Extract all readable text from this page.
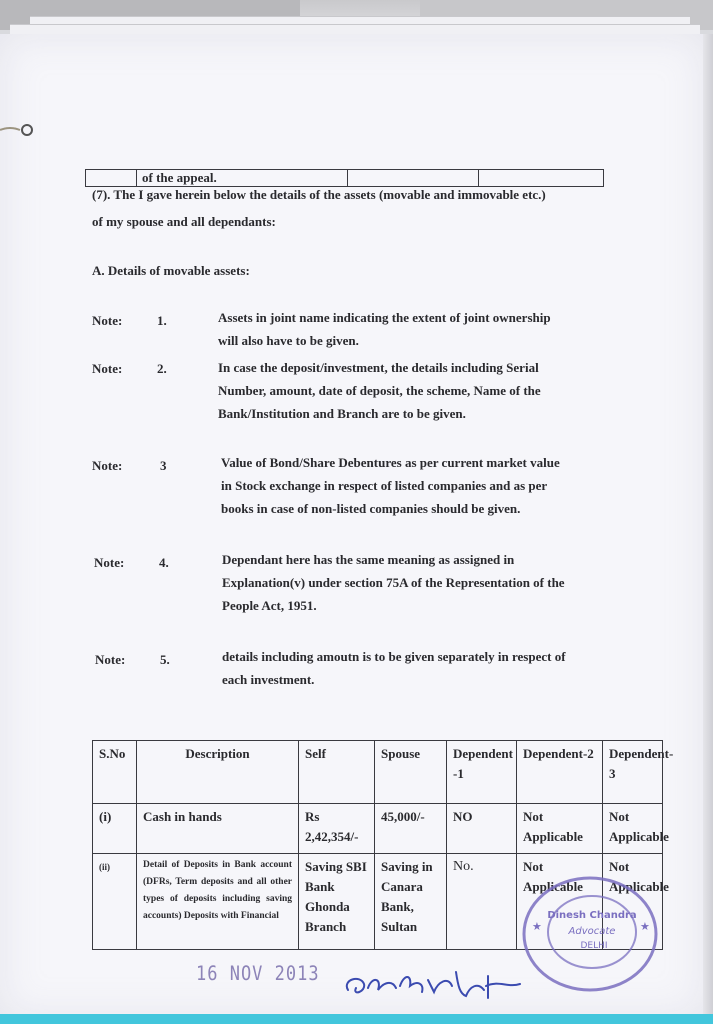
	of the appeal.		
(7). The I gave herein below the details of the assets (movable and immovable etc.)
of my spouse and all dependants:
A. Details of movable assets:
Note:	1.	Assets in joint name indicating the extent of joint ownership
will also have to be given.
Note:	2.	In case the deposit/investment, the details including Serial
Number, amount, date of deposit, the scheme, Name of the
Bank/Institution and Branch are to be given.
Note:	3	Value of Bond/Share Debentures as per current market value
in Stock exchange in respect of listed companies and as per
books in case of non-listed companies should be given.
Note:	4.	Dependant here has the same meaning as assigned in
Explanation(v) under section 75A of the Representation of the
People Act, 1951.
Note:	5.	details including amoutn is to be given separately in respect of
each investment.
S.No	Description	Self	Spouse	Dependent -1	Dependent-2	Dependent-3
(i)	Cash in hands	Rs 2,42,354/-	45,000/-	NO	Not Applicable	Not Applicable
(ii)	Detail of Deposits in Bank account (DFRs, Term deposits and all other types of deposits including saving accounts) Deposits with Financial	Saving SBI Bank Ghonda Branch	Saving in Canara Bank, Sultan	No.	Not Applicable	Not Applicable
16 NOV 2013
Dinesh Chandra
Advocate
DELHI
★	★
